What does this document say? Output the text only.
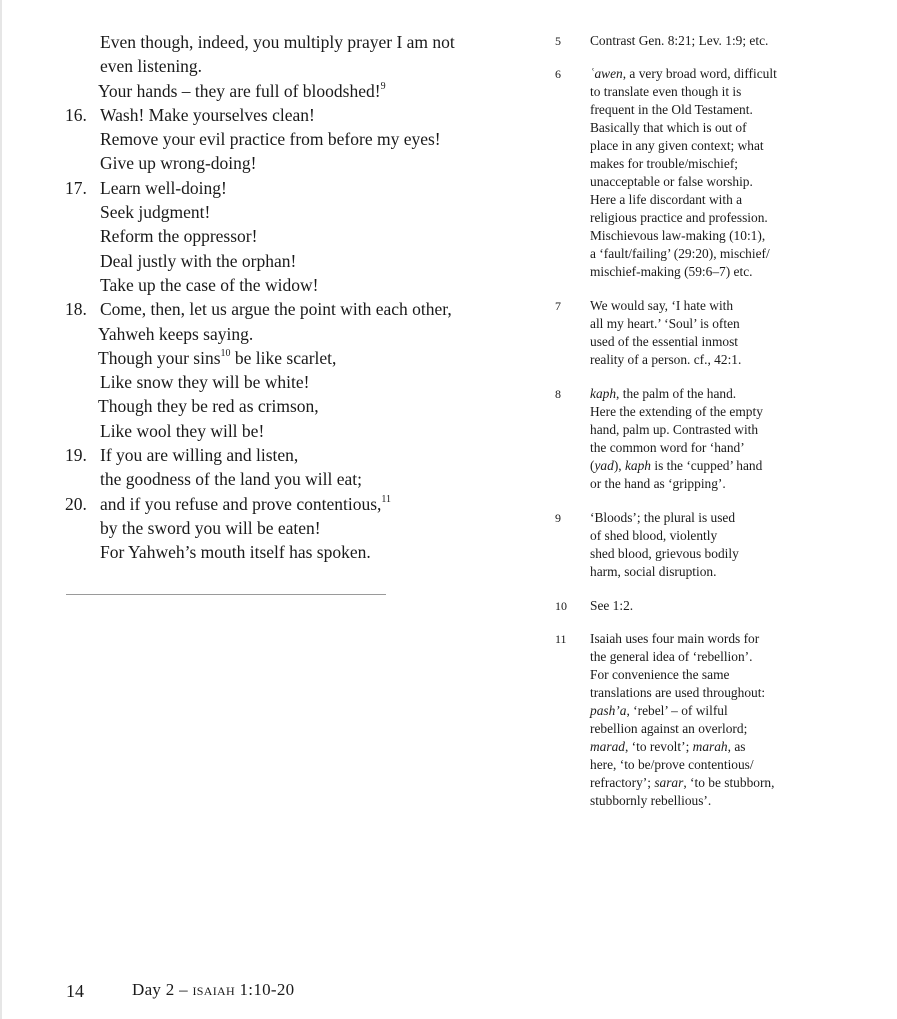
Even though, indeed, you multiply prayer I am not
even listening.
Your hands – they are full of bloodshed!$^9$
16. Wash! Make yourselves clean!
Remove your evil practice from before my eyes!
Give up wrong-doing!
17. Learn well-doing!
Seek judgment!
Reform the oppressor!
Deal justly with the orphan!
Take up the case of the widow!
18. Come, then, let us argue the point with each other,
Yahweh keeps saying.
Though your sins$^{10}$ be like scarlet,
Like snow they will be white!
Though they be red as crimson,
Like wool they will be!
19. If you are willing and listen,
the goodness of the land you will eat;
20. and if you refuse and prove contentious,$^{11}$
by the sword you will be eaten!
For Yahweh’s mouth itself has spoken.
5	Contrast Gen. 8:21; Lev. 1:9; etc.
6	ʿawen, a very broad word, difficult
to translate even though it is
frequent in the Old Testament.
Basically that which is out of
place in any given context; what
makes for trouble/mischief;
unacceptable or false worship.
Here a life discordant with a
religious practice and profession.
Mischievous law-making (10:1),
a ‘fault/failing’ (29:20), mischief/
mischief-making (59:6–7) etc.
7	We would say, ‘I hate with
all my heart.’ ‘Soul’ is often
used of the essential inmost
reality of a person. cf., 42:1.
8	kaph, the palm of the hand.
Here the extending of the empty
hand, palm up. Contrasted with
the common word for ‘hand’
(yad), kaph is the ‘cupped’ hand
or the hand as ‘gripping’.
9	‘Bloods’; the plural is used
of shed blood, violently
shed blood, grievous bodily
harm, social disruption.
10	See 1:2.
11	Isaiah uses four main words for
the general idea of ‘rebellion’.
For convenience the same
translations are used throughout:
pash’a, ‘rebel’ – of wilful
rebellion against an overlord;
marad, ‘to revolt’; marah, as
here, ‘to be/prove contentious/
refractory’; sarar, ‘to be stubborn,
stubbornly rebellious’.
14	Day 2 – isaiah 1:10-20
